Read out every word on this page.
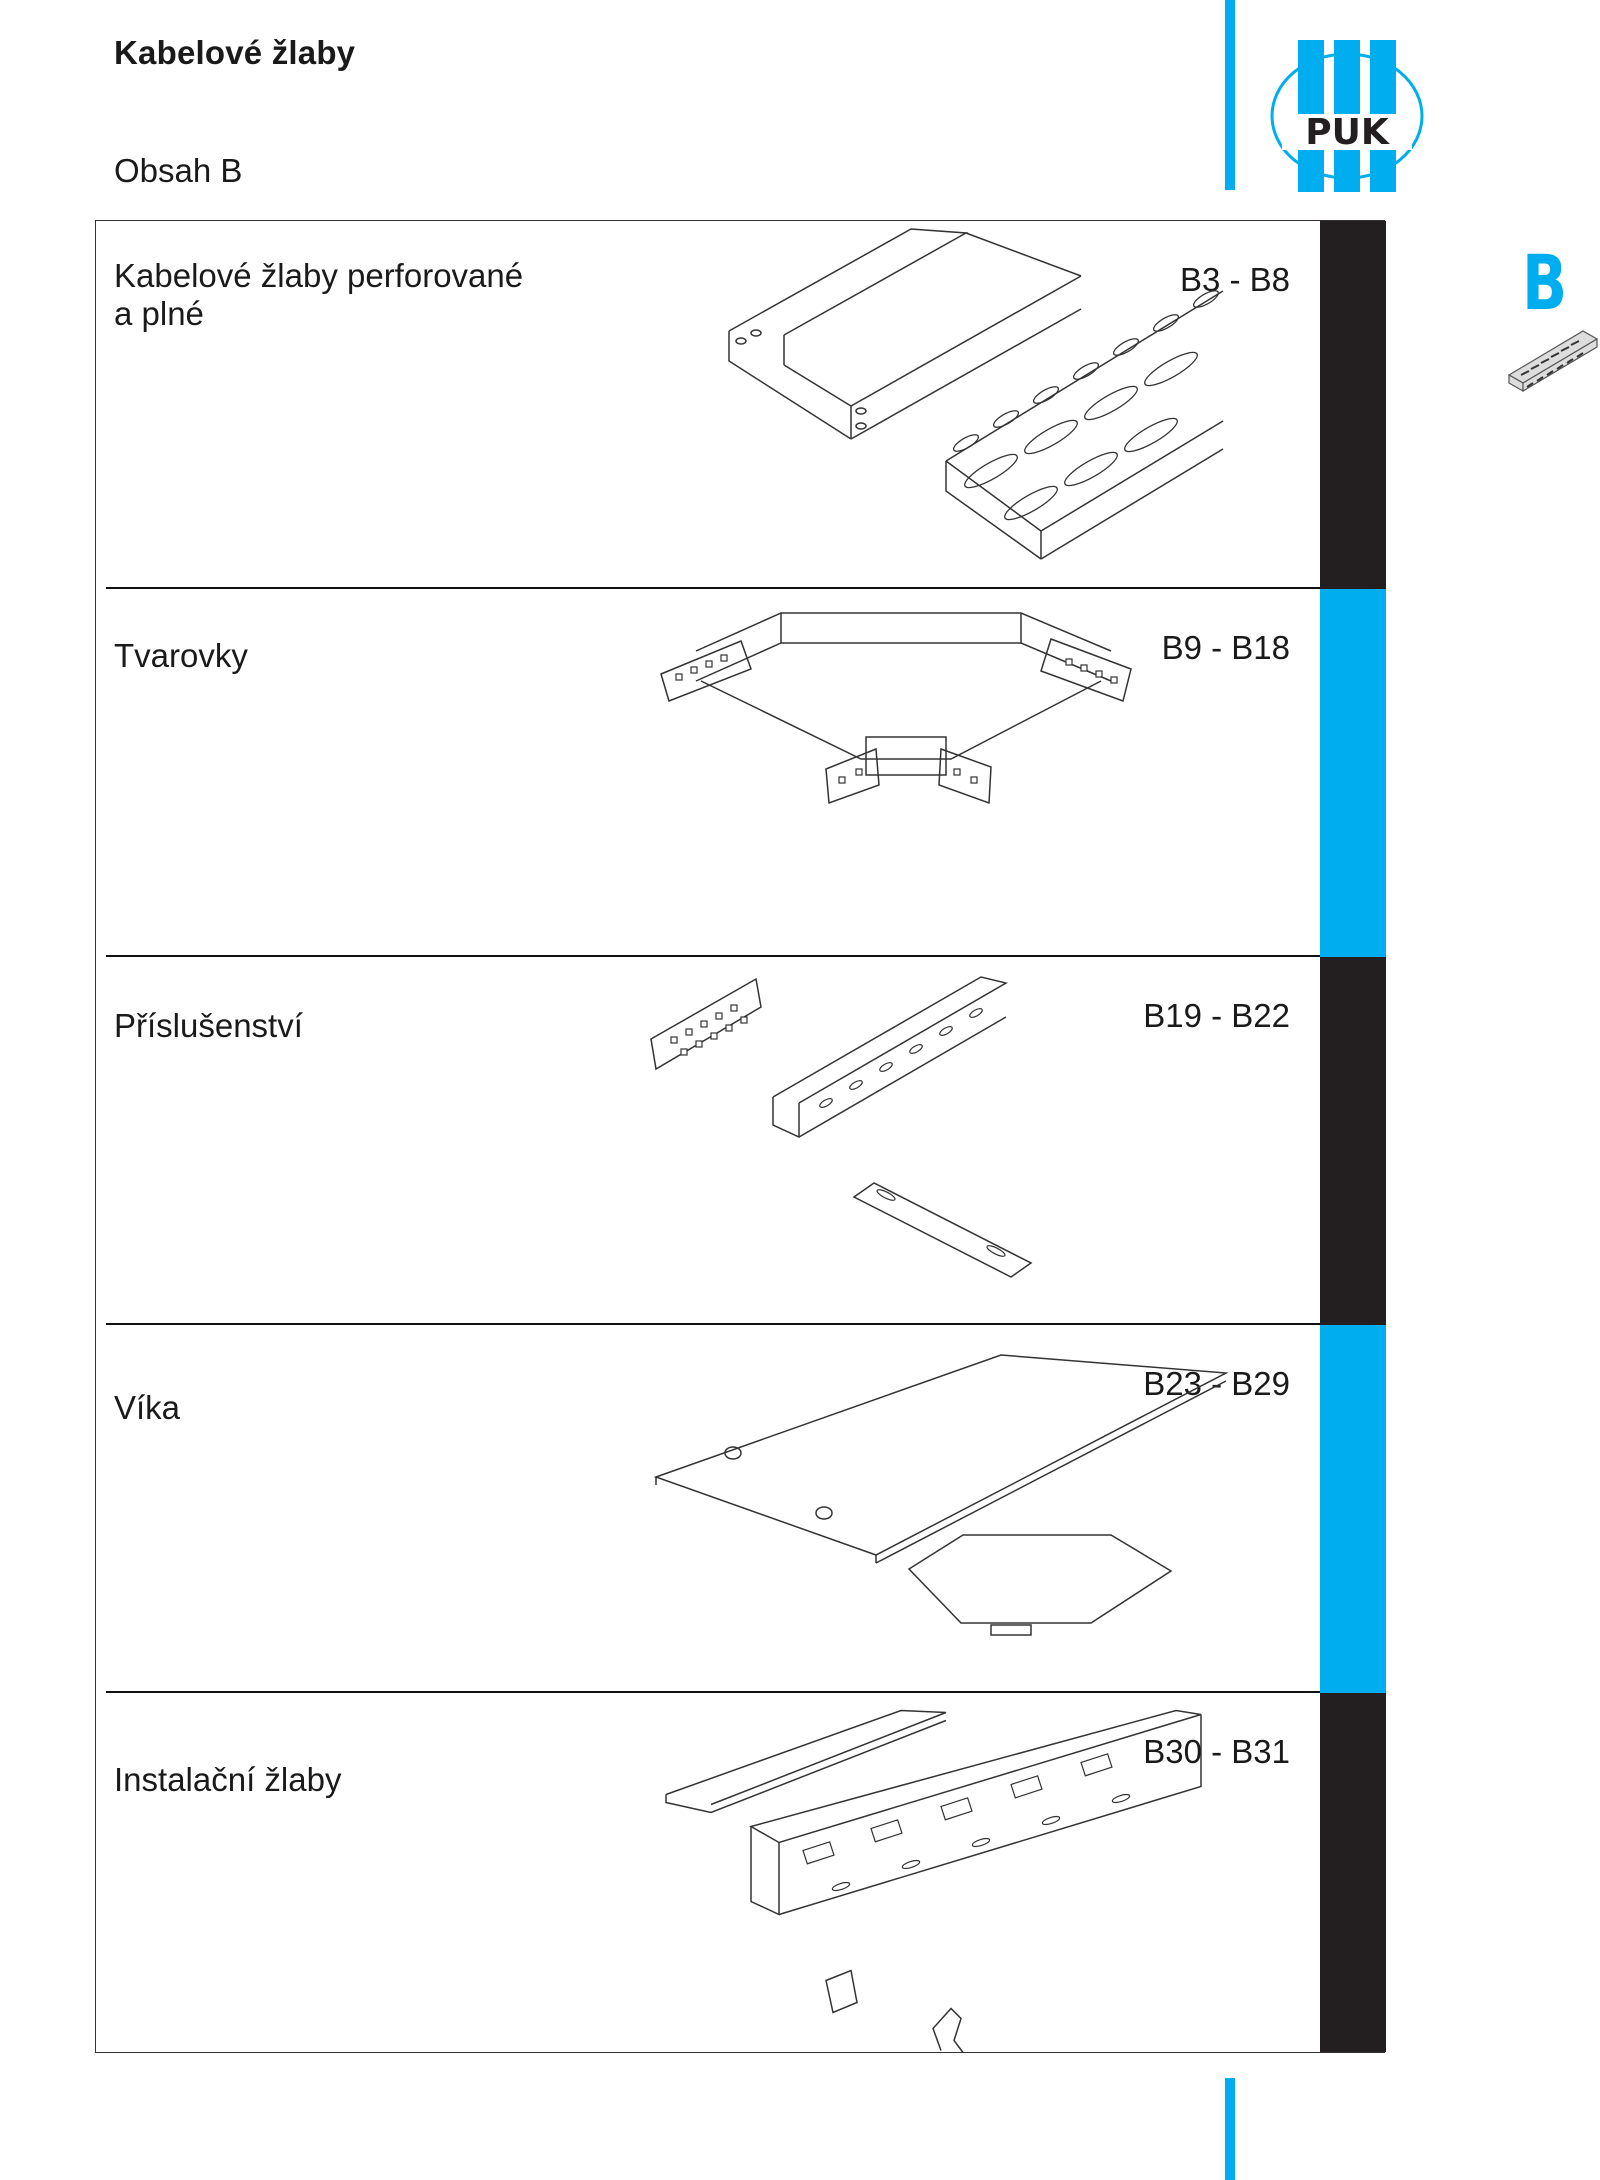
Kabelové žlaby
Obsah B
PUK
B
Kabelové žlaby perforované
a plné
B3 - B8
Tvarovky	B9 - B18
Příslušenství	B19 - B22
Víka
B23 - B29
Instalační žlaby
B30 - B31
